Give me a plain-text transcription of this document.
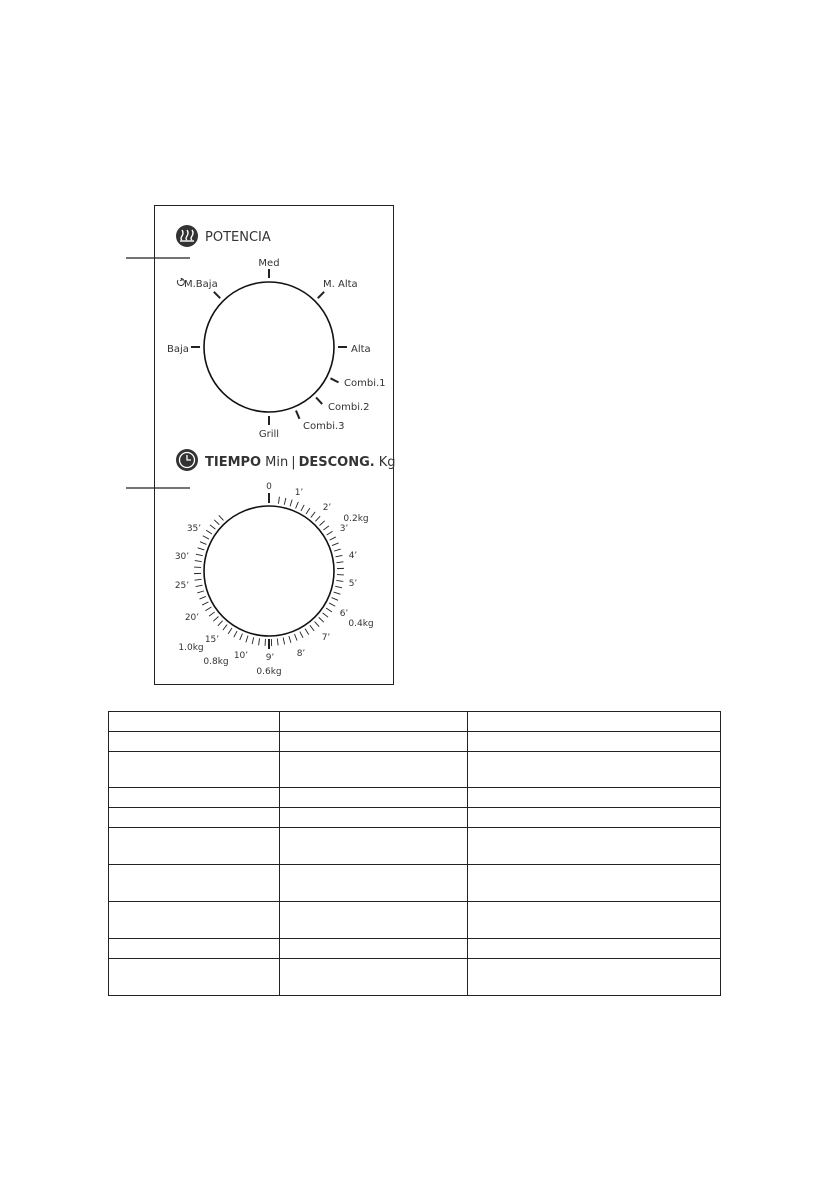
POTENCIA
M.Baja
Med
M. Alta
Baja	Alta
Combi.1
Combi.2
Combi.3
Grill
TIEMPO Min | DESCONG. Kg
0
1’
2’
3’
4’
5’
6’
7’
8’
9’
10’
15’
20’
25’
30’
35’
0.2kg
0.4kg
0.6kg
0.8kg
1.0kg
